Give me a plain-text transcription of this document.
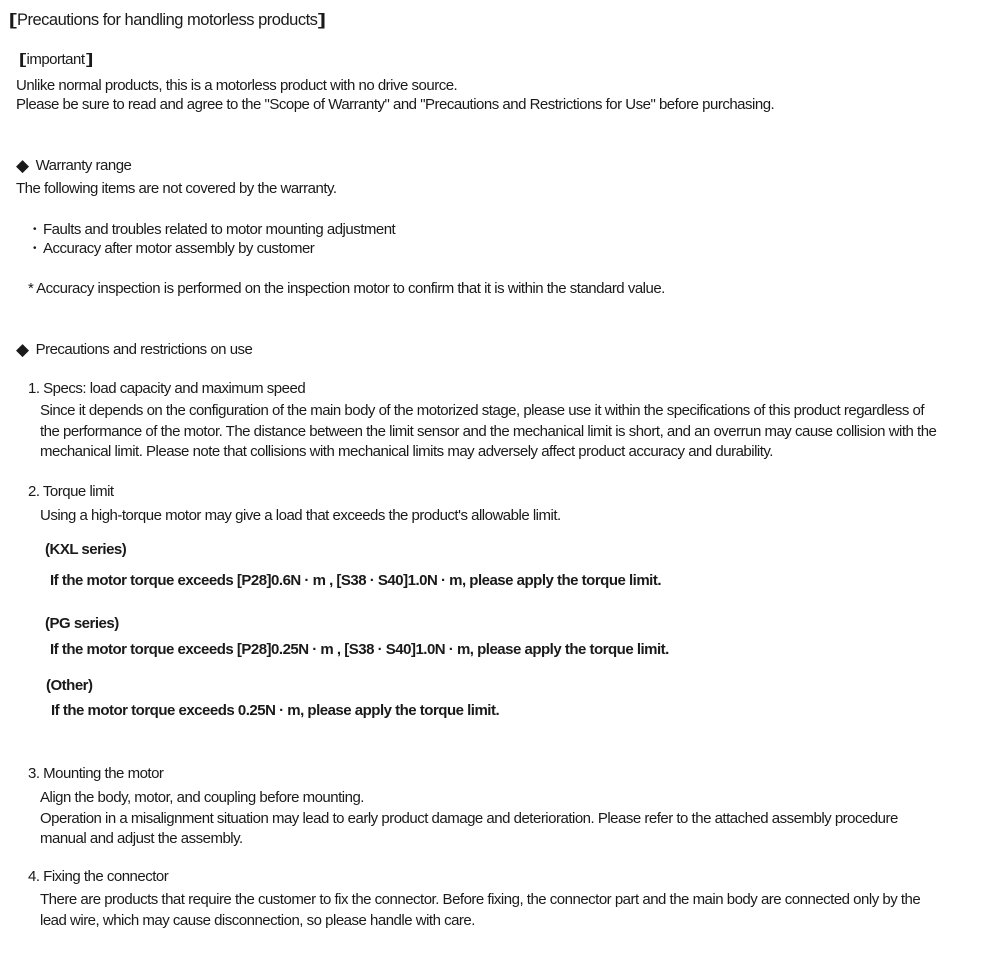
[Precautions for handling motorless products]
[important]
Unlike normal products, this is a motorless product with no drive source.
Please be sure to read and agree to the "Scope of Warranty" and "Precautions and Restrictions for Use" before purchasing.
◆ Warranty range
The following items are not covered by the warranty.
• Faults and troubles related to motor mounting adjustment
• Accuracy after motor assembly by customer
* Accuracy inspection is performed on the inspection motor to confirm that it is within the standard value.
◆ Precautions and restrictions on use
1. Specs: load capacity and maximum speed
Since it depends on the configuration of the main body of the motorized stage, please use it within the specifications of this product regardless of
the performance of the motor. The distance between the limit sensor and the mechanical limit is short, and an overrun may cause collision with the
mechanical limit. Please note that collisions with mechanical limits may adversely affect product accuracy and durability.
2. Torque limit
Using a high-torque motor may give a load that exceeds the product's allowable limit.
(KXL series)
If the motor torque exceeds [P28]0.6N · m , [S38 · S40]1.0N · m, please apply the torque limit.
(PG series)
If the motor torque exceeds [P28]0.25N · m , [S38 · S40]1.0N · m, please apply the torque limit.
(Other)
If the motor torque exceeds 0.25N · m, please apply the torque limit.
3. Mounting the motor
Align the body, motor, and coupling before mounting.
Operation in a misalignment situation may lead to early product damage and deterioration. Please refer to the attached assembly procedure
manual and adjust the assembly.
4. Fixing the connector
There are products that require the customer to fix the connector. Before fixing, the connector part and the main body are connected only by the
lead wire, which may cause disconnection, so please handle with care.
